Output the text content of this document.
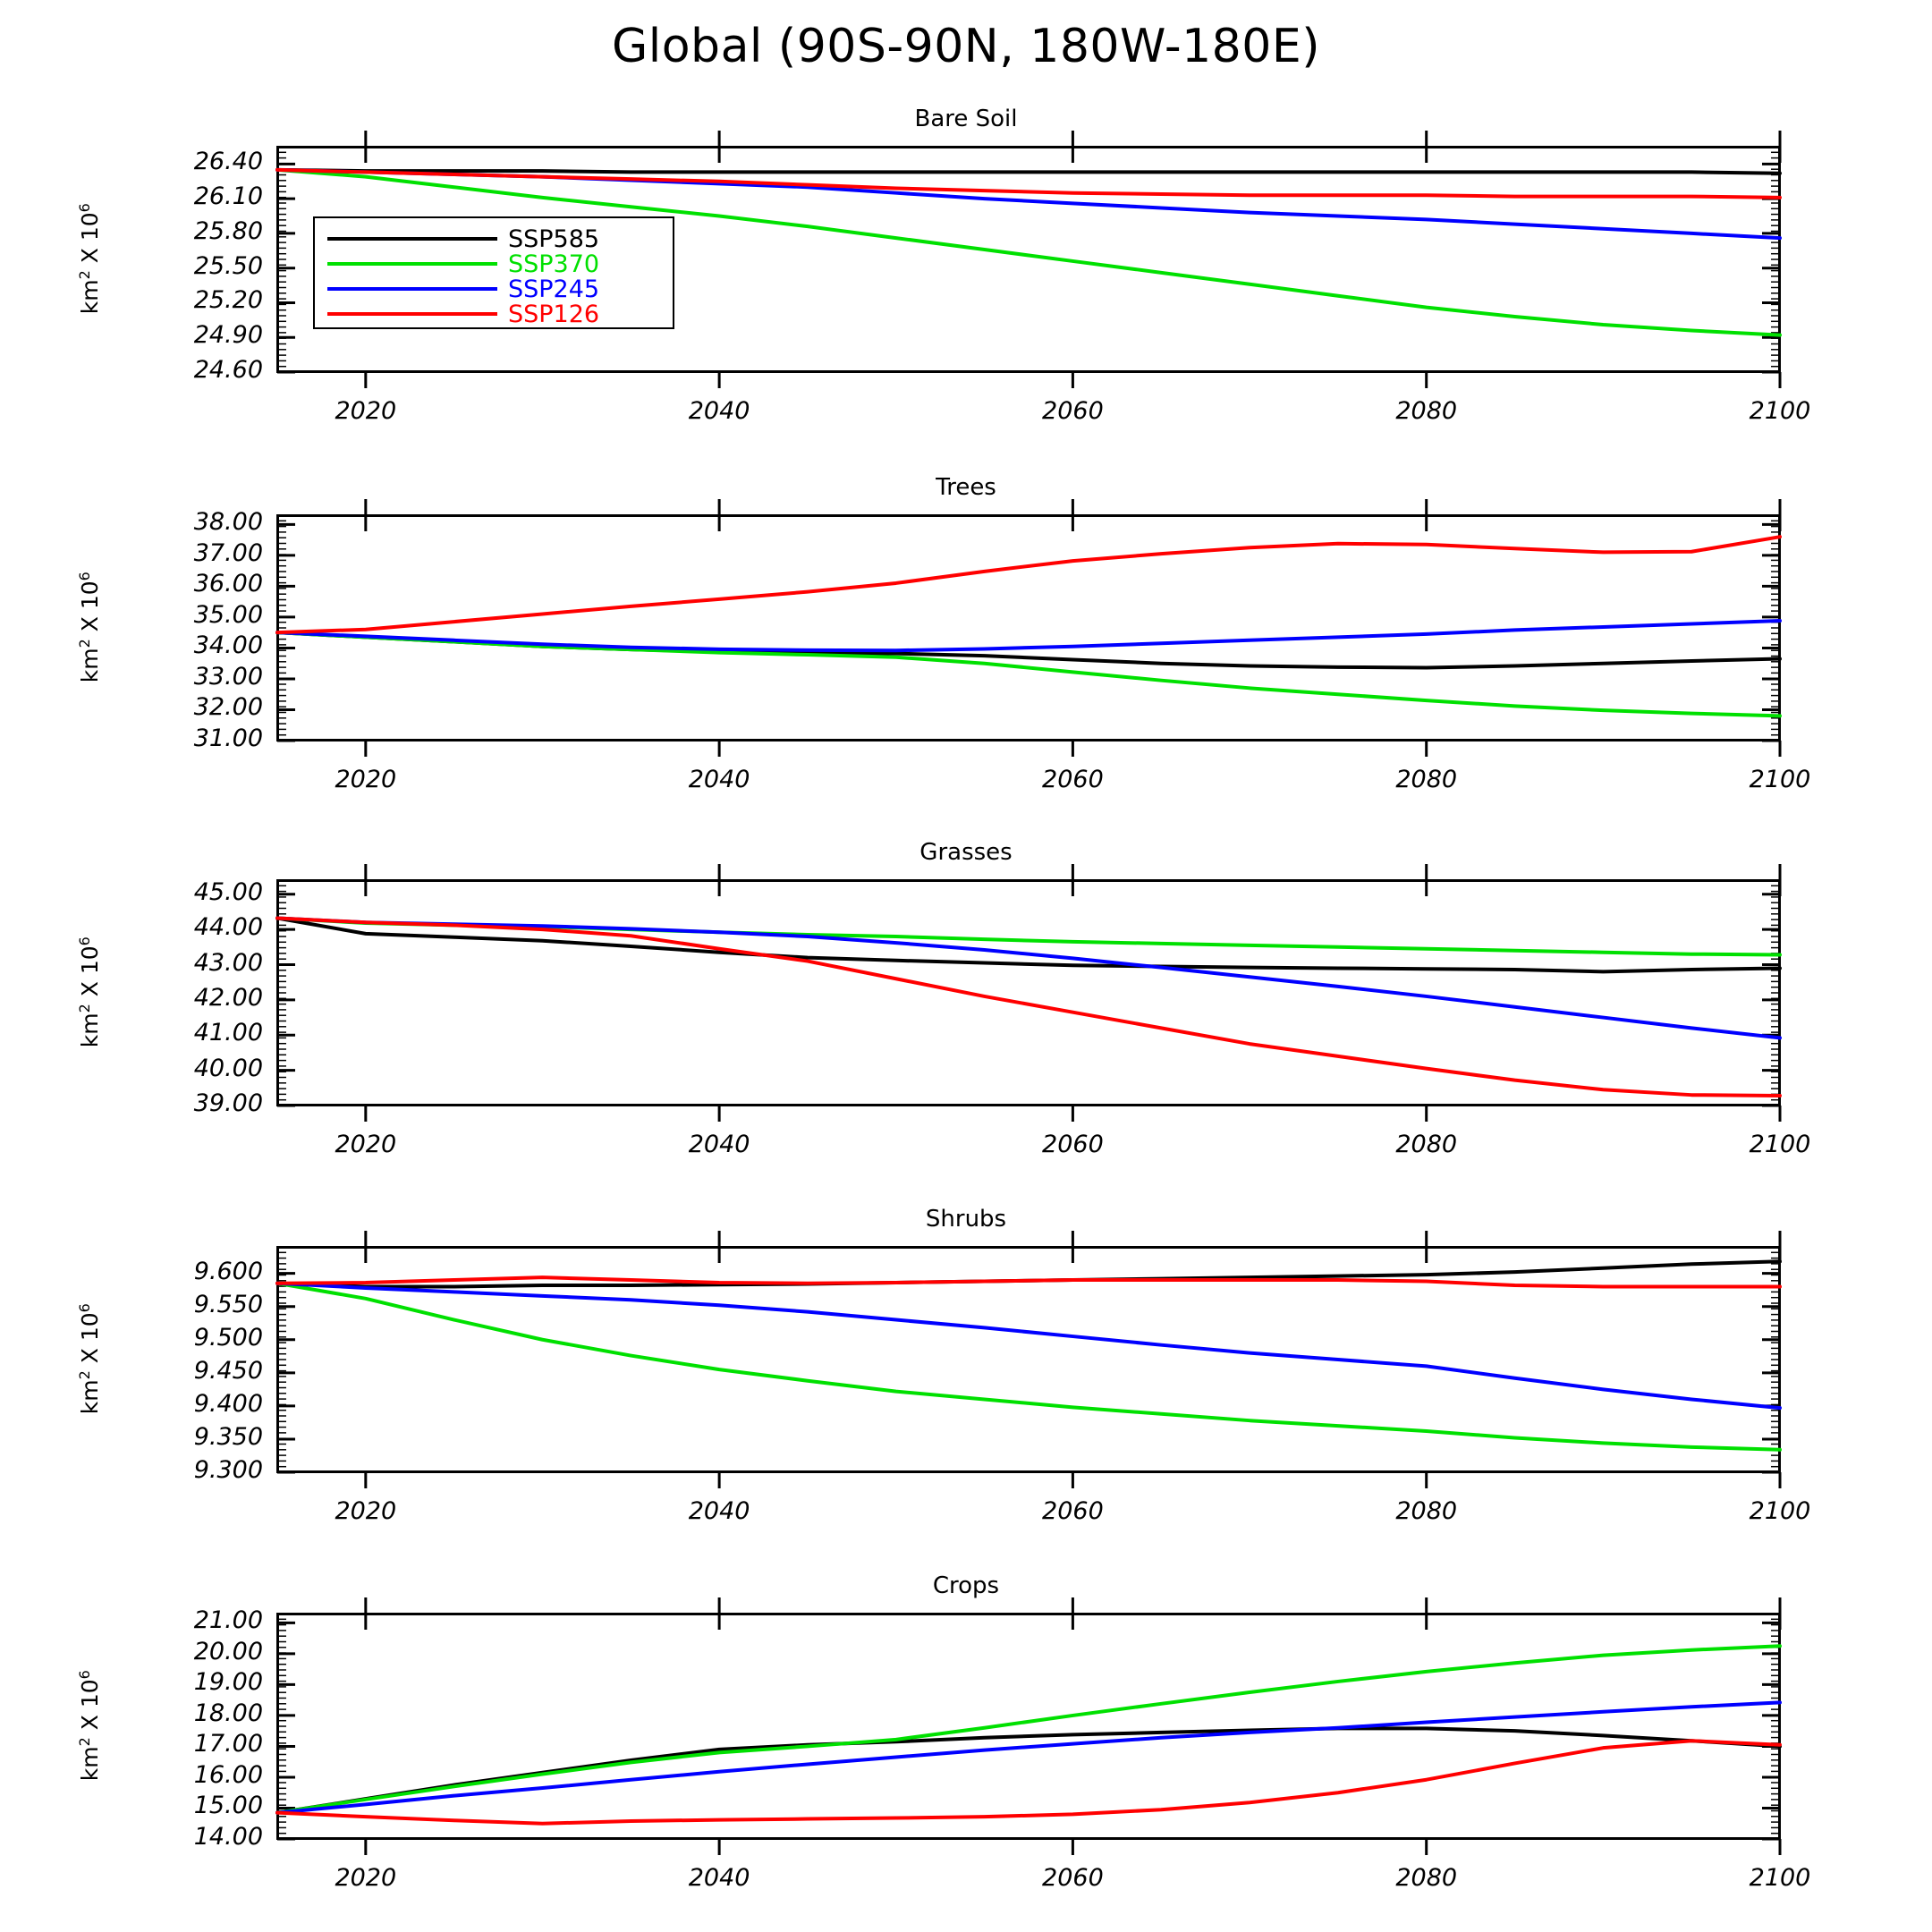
Global (90S-90N, 180W-180E)
Bare Soil
$km^2$ X $10^6$
24.60
24.90
25.20
25.50
25.80
26.10
26.40
2020	2040	2060	2080	2100
SSP585
SSP370
SSP245
SSP126
Trees
$km^2$ X $10^6$
31.00
32.00
33.00
34.00
35.00
36.00
37.00
38.00
2020	2040	2060	2080	2100
Grasses
$km^2$ X $10^6$
39.00
40.00
41.00
42.00
43.00
44.00
45.00
2020	2040	2060	2080	2100
Shrubs
$km^2$ X $10^6$
9.300
9.350
9.400
9.450
9.500
9.550
9.600
2020	2040	2060	2080	2100
Crops
$km^2$ X $10^6$
14.00
15.00
16.00
17.00
18.00
19.00
20.00
21.00
2020	2040	2060	2080	2100
